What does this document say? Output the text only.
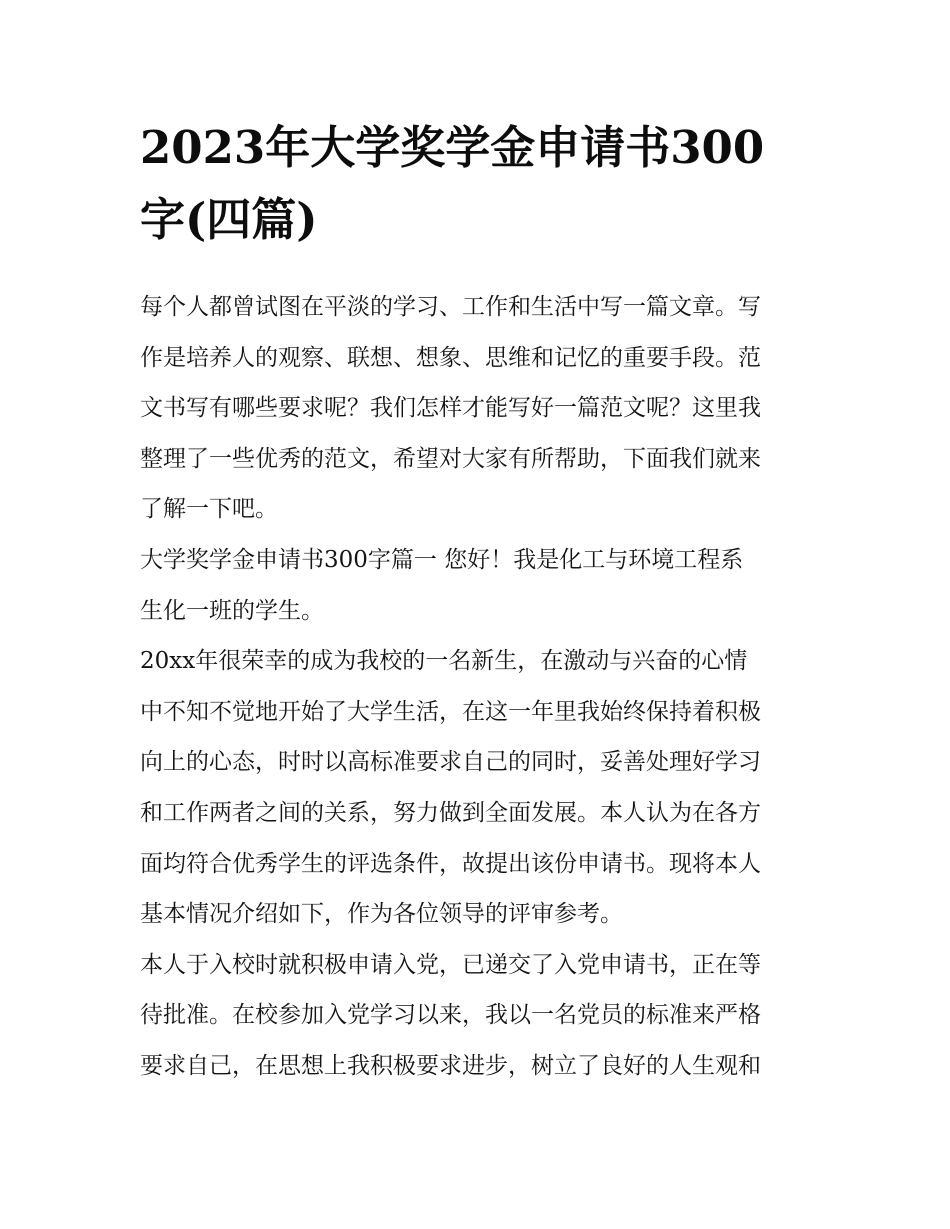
2023年大学奖学金申请书300
字(四篇)

每个人都曾试图在平淡的学习、工作和生活中写一篇文章。写
作是培养人的观察、联想、想象、思维和记忆的重要手段。范
文书写有哪些要求呢？我们怎样才能写好一篇范文呢？这里我
整理了一些优秀的范文，希望对大家有所帮助，下面我们就来
了解一下吧。

大学奖学金申请书300字篇一 您好！我是化工与环境工程系
生化一班的学生。

20xx年很荣幸的成为我校的一名新生，在激动与兴奋的心情
中不知不觉地开始了大学生活，在这一年里我始终保持着积极
向上的心态，时时以高标准要求自己的同时，妥善处理好学习
和工作两者之间的关系，努力做到全面发展。本人认为在各方
面均符合优秀学生的评选条件，故提出该份申请书。现将本人
基本情况介绍如下，作为各位领导的评审参考。

本人于入校时就积极申请入党，已递交了入党申请书，正在等
待批准。在校参加入党学习以来，我以一名党员的标准来严格
要求自己，在思想上我积极要求进步，树立了良好的人生观和
